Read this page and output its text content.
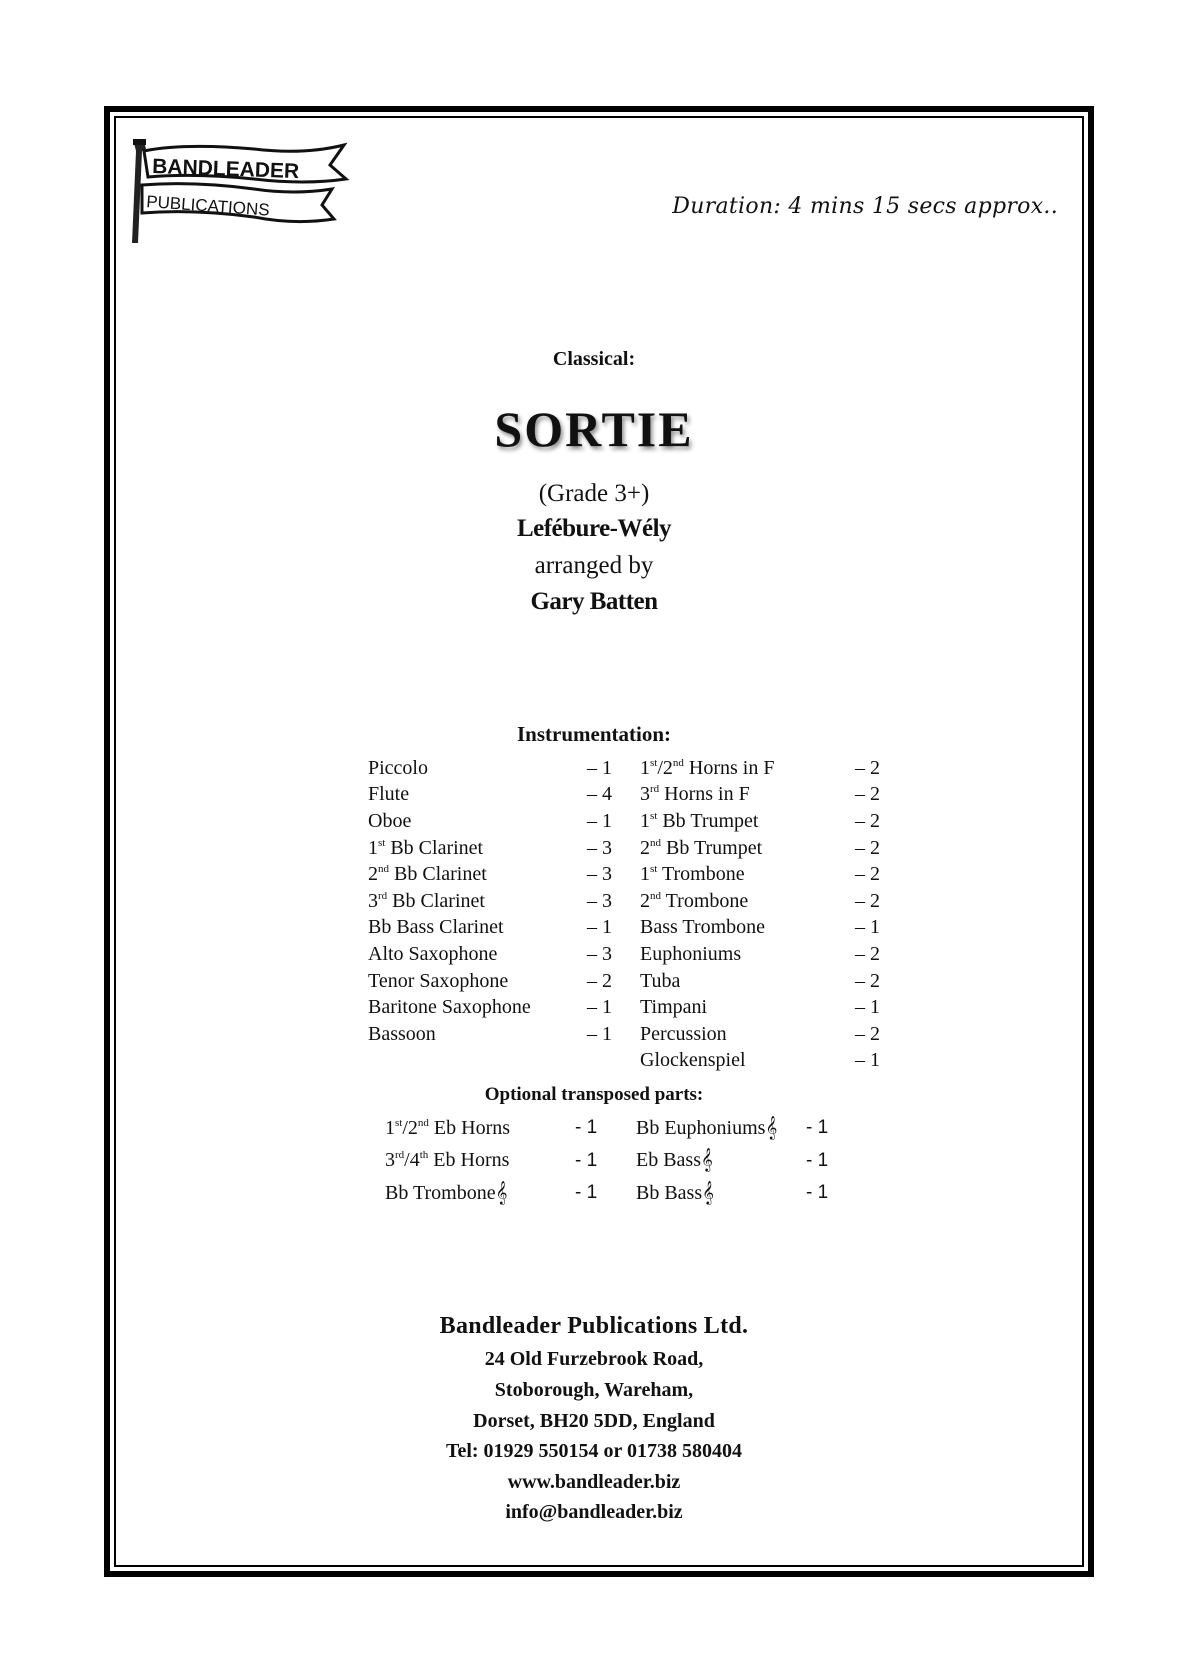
BANDLEADER
PUBLICATIONS	Duration: 4 mins 15 secs approx..
Classical:
SORTIE
(Grade 3+)
Lefébure-Wély
arranged by
Gary Batten
Instrumentation:
Piccolo	– 1		1st/2nd Horns in F	– 2
Flute	– 4		3rd Horns in F	– 2
Oboe	– 1		1st Bb Trumpet	– 2
1st Bb Clarinet	– 3		2nd Bb Trumpet	– 2
2nd Bb Clarinet	– 3		1st Trombone	– 2
3rd Bb Clarinet	– 3		2nd Trombone	– 2
Bb Bass Clarinet	– 1		Bass Trombone	– 1
Alto Saxophone	– 3		Euphoniums	– 2
Tenor Saxophone	– 2		Tuba	– 2
Baritone Saxophone	– 1		Timpani	– 1
Bassoon	– 1		Percussion	– 2
			Glockenspiel	– 1
Optional transposed parts:
1st/2nd Eb Horns	- 1		Bb Euphoniums𝄞	- 1
3rd/4th Eb Horns	- 1		Eb Bass𝄞	- 1
Bb Trombone𝄞	- 1		Bb Bass𝄞	- 1
Bandleader Publications Ltd.
24 Old Furzebrook Road,
Stoborough, Wareham,
Dorset, BH20 5DD, England
Tel: 01929 550154 or 01738 580404
www.bandleader.biz
info@bandleader.biz
